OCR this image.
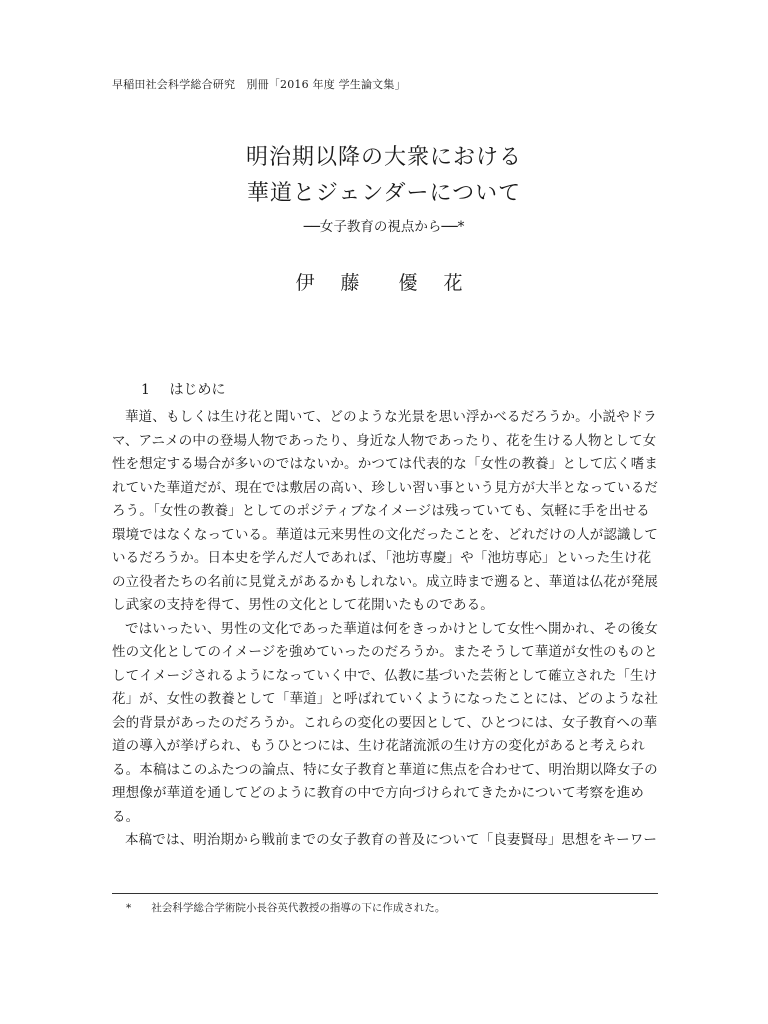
早稲田社会科学総合研究　別冊「2016 年度 学生論文集」
明治期以降の大衆における
華道とジェンダーについて
──女子教育の視点から──*
伊 藤　優 花
1 はじめに
華道、もしくは生け花と聞いて、どのような光景を思い浮かべるだろうか。小説やドラ
マ、アニメの中の登場人物であったり、身近な人物であったり、花を生ける人物として女
性を想定する場合が多いのではないか。かつては代表的な「女性の教養」として広く嗜ま
れていた華道だが、現在では敷居の高い、珍しい習い事という見方が大半となっているだ
ろう。「女性の教養」としてのポジティブなイメージは残っていても、気軽に手を出せる
環境ではなくなっている。華道は元来男性の文化だったことを、どれだけの人が認識して
いるだろうか。日本史を学んだ人であれば、「池坊専慶」や「池坊専応」といった生け花
の立役者たちの名前に見覚えがあるかもしれない。成立時まで遡ると、華道は仏花が発展
し武家の支持を得て、男性の文化として花開いたものである。
ではいったい、男性の文化であった華道は何をきっかけとして女性へ開かれ、その後女
性の文化としてのイメージを強めていったのだろうか。またそうして華道が女性のものと
してイメージされるようになっていく中で、仏教に基づいた芸術として確立された「生け
花」が、女性の教養として「華道」と呼ばれていくようになったことには、どのような社
会的背景があったのだろうか。これらの変化の要因として、ひとつには、女子教育への華
道の導入が挙げられ、もうひとつには、生け花諸流派の生け方の変化があると考えられ
る。本稿はこのふたつの論点、特に女子教育と華道に焦点を合わせて、明治期以降女子の
理想像が華道を通してどのように教育の中で方向づけられてきたかについて考察を進め
る。
本稿では、明治期から戦前までの女子教育の普及について「良妻賢母」思想をキーワー
* 社会科学総合学術院小長谷英代教授の指導の下に作成された。
